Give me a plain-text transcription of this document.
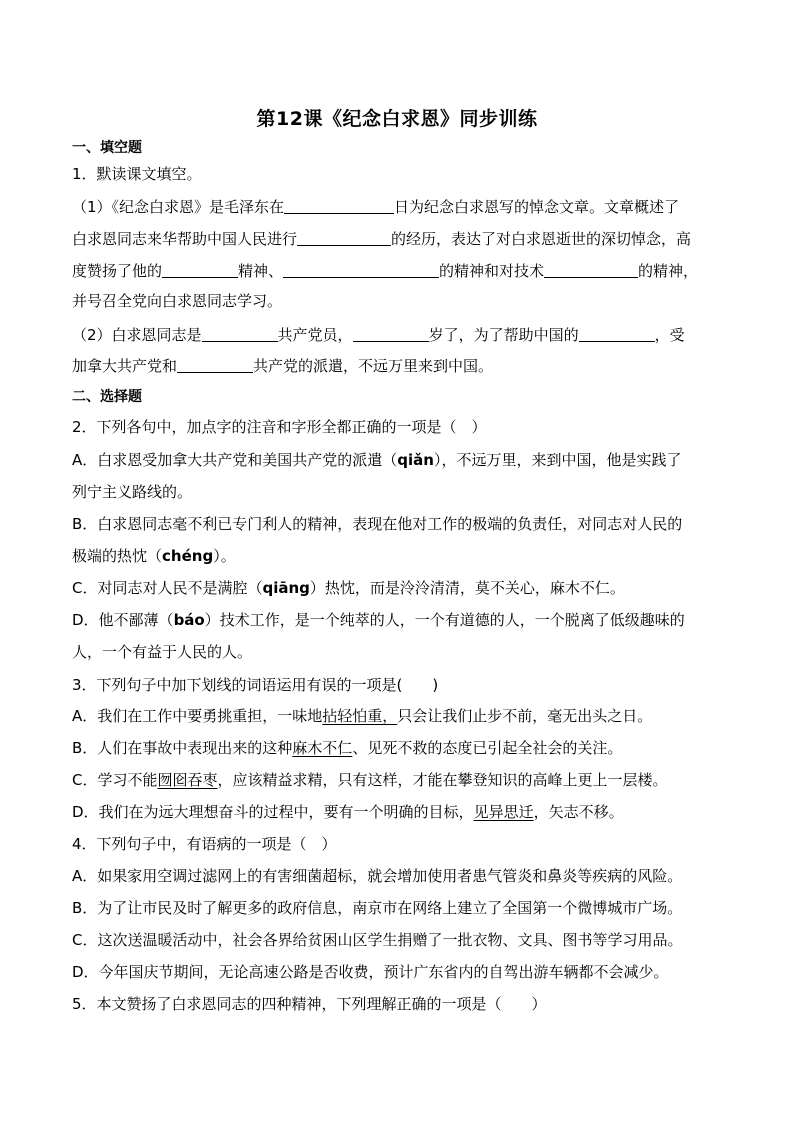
第12课《纪念白求恩》同步训练
一、填空题
1．默读课文填空。
（1）《纪念白求恩》是毛泽东在	日为纪念白求恩写的悼念文章。文章概述了
白求恩同志来华帮助中国人民进行	的经历，表达了对白求恩逝世的深切悼念，高
度赞扬了他的	精神、	的精神和对技术	的精神，
并号召全党向白求恩同志学习。
（2）白求恩同志是	共产党员，	岁了，为了帮助中国的	，受
加拿大共产党和	共产党的派遣，不远万里来到中国。
二、选择题
2．下列各句中，加点字的注音和字形全都正确的一项是（　）
A．白求恩受加拿大共产党和美国共产党的派遣（qiǎn），不远万里，来到中国，他是实践了
列宁主义路线的。
B．白求恩同志毫不利已专门利人的精神，表现在他对工作的极端的负责任，对同志对人民的
极端的热忱（chéng）。
C．对同志对人民不是满腔（qiāng）热忱，而是泠泠清清，莫不关心，麻木不仁。
D．他不鄙薄（báo）技术工作，是一个纯萃的人，一个有道德的人，一个脱离了低级趣味的
人，一个有益于人民的人。
3．下列句子中加下划线的词语运用有误的一项是(　　)
A．我们在工作中要勇挑重担，一味地拈轻怕重，只会让我们止步不前，毫无出头之日。
B．人们在事故中表现出来的这种麻木不仁、见死不救的态度已引起全社会的关注。
C．学习不能囫囵吞枣，应该精益求精，只有这样，才能在攀登知识的高峰上更上一层楼。
D．我们在为远大理想奋斗的过程中，要有一个明确的目标，见异思迁，矢志不移。
4．下列句子中，有语病的一项是（　）
A．如果家用空调过滤网上的有害细菌超标，就会增加使用者患气管炎和鼻炎等疾病的风险。
B．为了让市民及时了解更多的政府信息，南京市在网络上建立了全国第一个微博城市广场。
C．这次送温暖活动中，社会各界给贫困山区学生捐赠了一批衣物、文具、图书等学习用品。
D．今年国庆节期间，无论高速公路是否收费，预计广东省内的自驾出游车辆都不会减少。
5．本文赞扬了白求恩同志的四种精神，下列理解正确的一项是（　　）
